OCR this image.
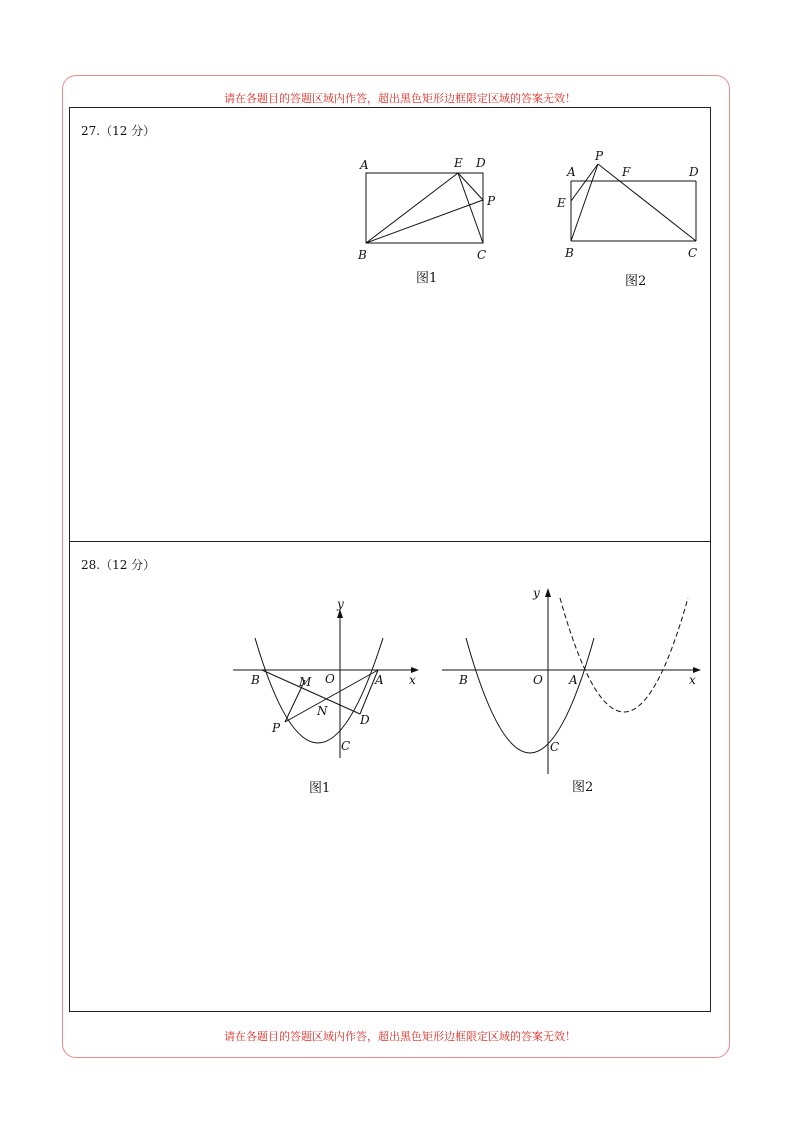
请在各题目的答题区域内作答，超出黑色矩形边框限定区域的答案无效！
27.（12 分）
A	E D
P
B	C
图1
P
A	F	D
E
B	C
图2
28.（12 分）
y
x
B	M O	A
N
P
D
C
图1
y
x
B	O A
C
图2
请在各题目的答题区域内作答，超出黑色矩形边框限定区域的答案无效！
